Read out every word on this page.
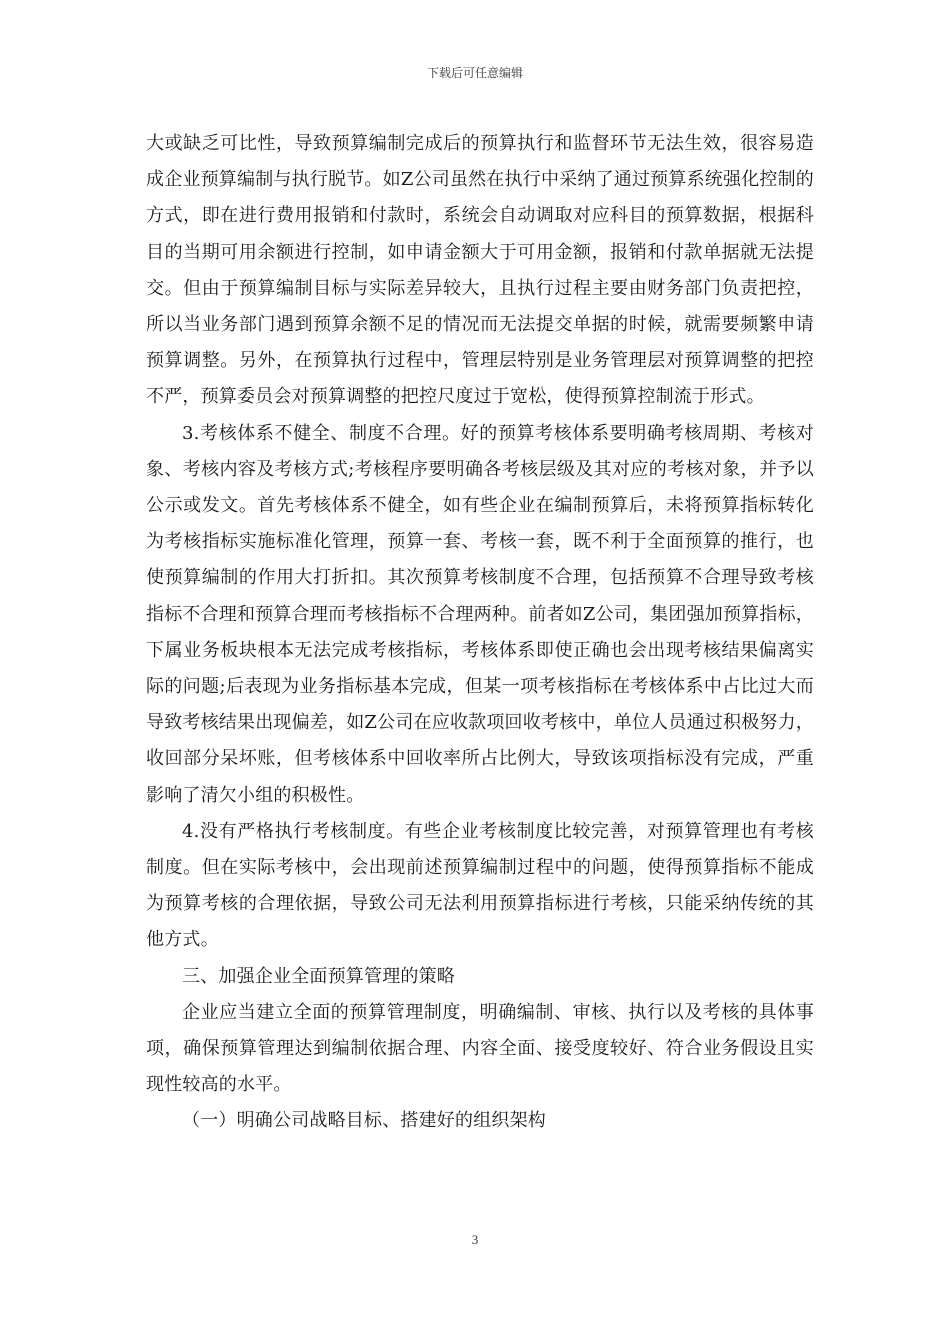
下载后可任意编辑

大或缺乏可比性，导致预算编制完成后的预算执行和监督环节无法生效，很容易造成企业预算编制与执行脱节。如Z公司虽然在执行中采纳了通过预算系统强化控制的方式，即在进行费用报销和付款时，系统会自动调取对应科目的预算数据，根据科目的当期可用余额进行控制，如申请金额大于可用金额，报销和付款单据就无法提交。但由于预算编制目标与实际差异较大，且执行过程主要由财务部门负责把控，所以当业务部门遇到预算余额不足的情况而无法提交单据的时候，就需要频繁申请预算调整。另外，在预算执行过程中，管理层特别是业务管理层对预算调整的把控不严，预算委员会对预算调整的把控尺度过于宽松，使得预算控制流于形式。

3.考核体系不健全、制度不合理。好的预算考核体系要明确考核周期、考核对象、考核内容及考核方式;考核程序要明确各考核层级及其对应的考核对象，并予以公示或发文。首先考核体系不健全，如有些企业在编制预算后，未将预算指标转化为考核指标实施标准化管理，预算一套、考核一套，既不利于全面预算的推行，也使预算编制的作用大打折扣。其次预算考核制度不合理，包括预算不合理导致考核指标不合理和预算合理而考核指标不合理两种。前者如Z公司，集团强加预算指标，下属业务板块根本无法完成考核指标，考核体系即使正确也会出现考核结果偏离实际的问题;后表现为业务指标基本完成，但某一项考核指标在考核体系中占比过大而导致考核结果出现偏差，如Z公司在应收款项回收考核中，单位人员通过积极努力，收回部分呆坏账，但考核体系中回收率所占比例大，导致该项指标没有完成，严重影响了清欠小组的积极性。

4.没有严格执行考核制度。有些企业考核制度比较完善，对预算管理也有考核制度。但在实际考核中，会出现前述预算编制过程中的问题，使得预算指标不能成为预算考核的合理依据，导致公司无法利用预算指标进行考核，只能采纳传统的其他方式。

三、加强企业全面预算管理的策略

企业应当建立全面的预算管理制度，明确编制、审核、执行以及考核的具体事项，确保预算管理达到编制依据合理、内容全面、接受度较好、符合业务假设且实现性较高的水平。

（一）明确公司战略目标、搭建好的组织架构

3
